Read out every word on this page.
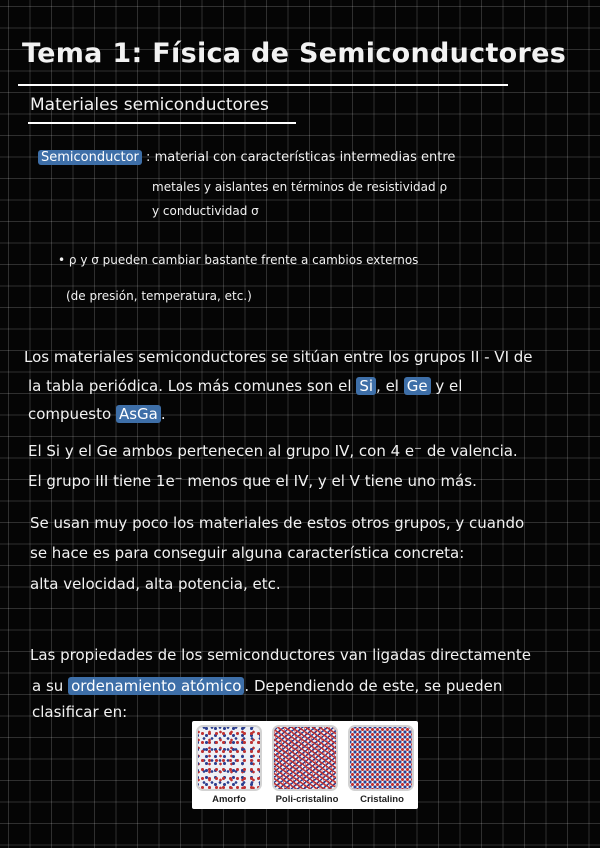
Tema 1: Física de Semiconductores
Materiales semiconductores
Semiconductor : material con características intermedias entre
metales y aislantes en términos de resistividad ρ
y conductividad σ
• ρ y σ pueden cambiar bastante frente a cambios externos
(de presión, temperatura, etc.)
Los materiales semiconductores se sitúan entre los grupos II - VI de
la tabla periódica. Los más comunes son el Si , el Ge y el
compuesto AsGa .
El Si y el Ge ambos pertenecen al grupo IV, con 4 e⁻ de valencia.
El grupo III tiene 1e⁻ menos que el IV, y el V tiene uno más.
Se usan muy poco los materiales de estos otros grupos, y cuando
se hace es para conseguir alguna característica concreta:
alta velocidad, alta potencia, etc.
Las propiedades de los semiconductores van ligadas directamente
a su ordenamiento atómico . Dependiendo de este, se pueden
clasificar en:
Amorfo	Poli-cristalino	Cristalino
